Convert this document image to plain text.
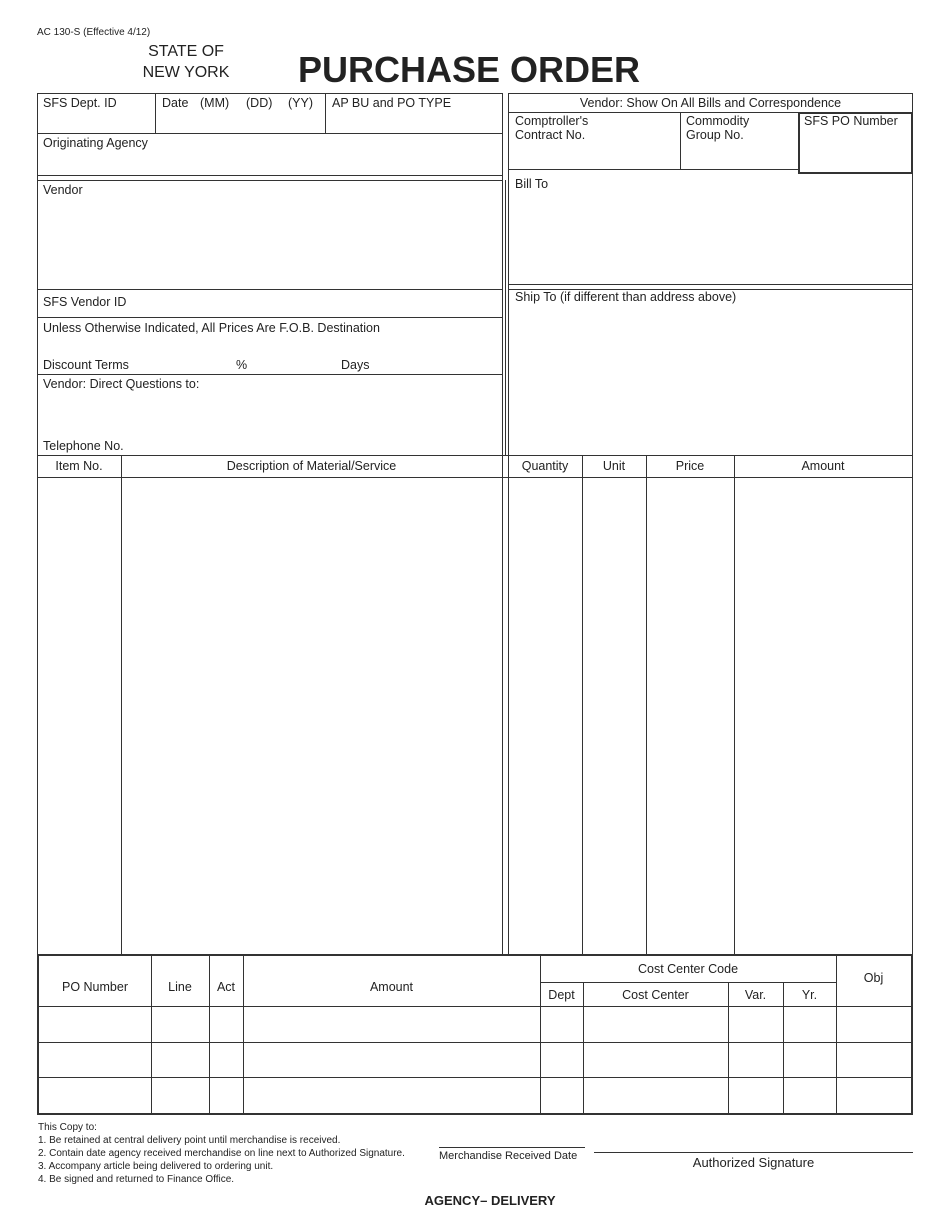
AC 130-S (Effective 4/12)
STATE OF
NEW YORK	PURCHASE ORDER
SFS Dept. ID	Date (MM) (DD) (YY) AP BU and PO TYPE
Originating Agency
Vendor
SFS Vendor ID
Unless Otherwise Indicated, All Prices Are F.O.B. Destination
Discount Terms	%	Days
Vendor: Direct Questions to:
Telephone No.
Vendor: Show On All Bills and Correspondence
Comptroller's
Contract No.
Commodity
Group No.
SFS PO Number
Bill To
Ship To (if different than address above)
Item No.	Description of Material/Service	Quantity	Unit	Price	Amount
PO Number	Line	Act	Amount
Cost Center Code
Dept	Cost Center	Var.	Yr.
Obj
This Copy to:
1. Be retained at central delivery point until merchandise is received.
2. Contain date agency received merchandise on line next to Authorized Signature.
3. Accompany article being delivered to ordering unit.
4. Be signed and returned to Finance Office.
Merchandise Received Date	Authorized Signature
AGENCY– DELIVERY
